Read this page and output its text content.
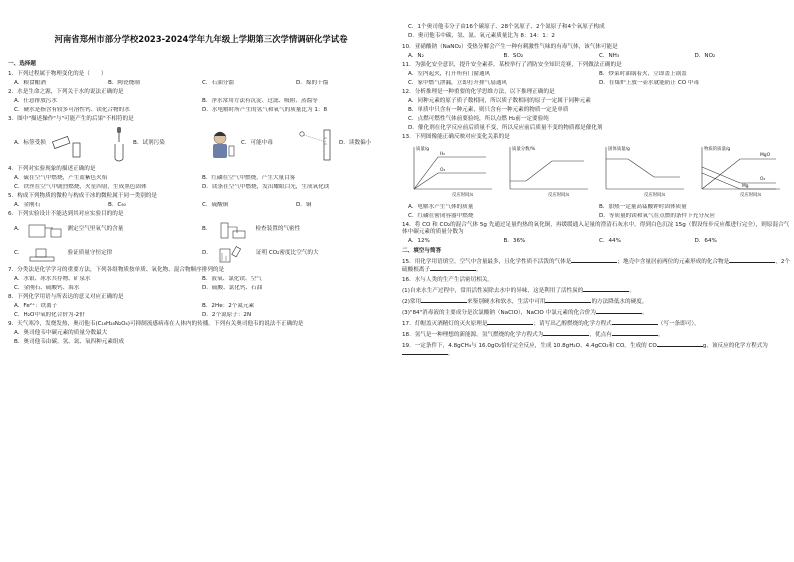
河南省郑州市部分学校2023-2024学年九年级上学期第三次学情调研化学试卷
一、选择题
1．下列过程属于物理变化的是（　　）
A．粮食酿酒	B．陶瓷烧制	C．石油分馏	D．煤的干馏
2．水是生命之源，下列关于水的说法正确的是
A．任意排放污水	B．净水常用方法有沉淀、过滤、吸附、蒸馏等
C．硬水是指含有较多可溶性钙、镁化合物的水	D．水电解时所产生的氢气和氧气的质量比为 1：8
3．图中"描述操作"与"可能产生的后果"不相符的是
A．标签受损	B．试剂污染	C．可能中毒	D．读数偏小
4．下列对实验现象的描述正确的是
A．硫在空气中燃烧，产生蓝紫色火焰	B．红磷在空气中燃烧，产生大量白雾
C．铁丝在空气中剧烈燃烧，火星四射，生成黑色固体	D．镁条在空气中燃烧，发出耀眼白光，生成氧化镁
5．构成下列物质的微粒与构成干冰的微粒属于同一类别的是
A．金刚石	B．C₆₀	C．硫酸铜	D．铜
6．下列实验设计不能达到其对应实验目的的是
A．	测定空气里氧气的含量	B．	检查装置的气密性
C．	验证质量守恒定律	D．	证明 CO₂密度比空气的大
7．分类法是化学学习的重要方法，下列各组物质按单质、氧化物、混合物顺序排列的是
A．水银、冰水共存物、矿泉水	B．液氧、氯化镁、空气
C．金刚石、硫酸钙、海水	D．硫酸、氯化钙、石油
8．下列化学用语与所表达的意义对应正确的是
A．Fe²⁺：铁离子	B．2He：2个氦元素
C．H₂O中氧的化合价为-2价	D．2个氮原子：2N
9．天气寒冷，发烧发热，奥司他韦(C₁₆H₂₈N₂O₄)可抑制流感病毒在人体内的传播。下列有关奥司他韦的说法不正确的是
A．奥司他韦中碳元素的质量分数最大
B．奥司他韦由碳、氢、氮、氧四种元素组成
C．1个奥司他韦分子由16个碳原子、28个氢原子、2个氮原子和4个氧原子构成
D．奥司他韦中碳、氢、氮、氧元素质量比为 8：14：1：2
10．亚硝酸钠（NaNO₂）受热分解会产生一种有刺激性气味的有毒气体，该气体可能是
A．N₂	B．SO₂	C．NH₃	D．NO₂
11．为强化安全意识，提升安全素养，某校举行了消防安全知识竞赛，下列做法正确的是
A．室内起火，打开所有门窗通风	B．炒菜时油锅着火，立即盖上锅盖
C．家中燃气泄漏，立即打开排气扇通风	D．在煤炉上放一壶水就能防止 CO 中毒
12．分析推理是一种重要的化学思维方法，以下推理正确的是
A．同种元素的原子质子数相同，所以质子数相同的原子一定属于同种元素
B．单质中只含有一种元素，则只含有一种元素的物质一定是单质
C．点燃可燃性气体前要验纯，所以点燃 H₂前一定要验纯
D．催化剂在化学反应前后质量不变，所以反应前后质量不变的物质都是催化剂
13．下列图像能正确反映对应变化关系的是
质量/g
反应时间/s
H₂
O₂
质量分数/%
反应时间/s
固体质量/g
反应时间/s
物质的质量/g
反应时间/s
MgO
O₂
Mg
A．电解水产生气体的质量	B．加热一定量高锰酸钾时固体质量
C．红磷在密闭容器中燃烧	D．等质量的镁和氧气在点燃的条件下充分反应
14．将 CO 和 CO₂的混合气体 5g 先通过足量灼热的氧化铜，再缓缓通入足量的澄清石灰水中，得到白色沉淀 15g（假设每步反应都进行完全），则原混合气体中碳元素的质量分数为
A．12%	B．36%	C．44%	D．64%
二、填空与简答
15．用化学用语填空。空气中含量最多，且化学性质不活泼的气体是	；地壳中含量居前两位的元素形成的化合物是	，2个硫酸根离子	。
16．水与人类的生产生活密切相关。
(1)自来水生产过程中，常用活性炭除去水中的异味，这是利用了活性炭的	。
(2)常用	来鉴别硬水和软水，生活中可用	的方法降低水的硬度。
(3)"84"消毒液的主要成分是次氯酸钠（NaClO），NaClO 中氯元素的化合价为	。
17．灯帽盖灭酒精灯的灭火原理是	；请写出乙醇燃烧的化学方程式	（写一条即可）。
18．氢气是一种理想的新能源。氢气燃烧的化学方程式为	，优点有	。
19．一定条件下，4.8gCH₄与 16.0gO₂恰好完全反应，生成 10.8gH₂O、4.4gCO₂和 CO。生成的 CO	g，该反应的化学方程式为。
